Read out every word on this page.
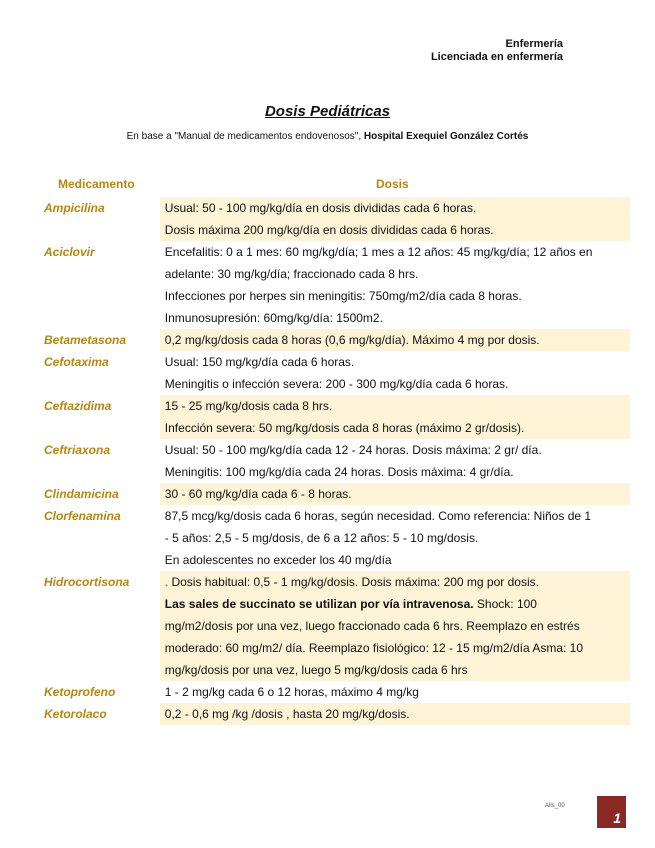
Enfermería
Licenciada en enfermería
Dosis Pediátricas
En base a "Manual de medicamentos endovenosos", Hospital Exequiel González Cortés
Medicamento	Dosis
Ampicilina	Usual: 50 - 100 mg/kg/día en dosis divididas cada 6 horas.
Dosis máxima 200 mg/kg/día en dosis divididas cada 6 horas.
Aciclovir	Encefalitis: 0 a 1 mes: 60 mg/kg/día; 1 mes a 12 años: 45 mg/kg/día; 12 años en
adelante: 30 mg/kg/día; fraccionado cada 8 hrs.
Infecciones por herpes sin meningitis: 750mg/m2/día cada 8 horas.
Inmunosupresión: 60mg/kg/día: 1500m2.
Betametasona	0,2 mg/kg/dosis cada 8 horas (0,6 mg/kg/día). Máximo 4 mg por dosis.
Cefotaxima	Usual: 150 mg/kg/día cada 6 horas.
Meningitis o infección severa: 200 - 300 mg/kg/día cada 6 horas.
Ceftazidima	15 - 25 mg/kg/dosis cada 8 hrs.
Infección severa: 50 mg/kg/dosis cada 8 horas (máximo 2 gr/dosis).
Ceftriaxona	Usual: 50 - 100 mg/kg/día cada 12 - 24 horas. Dosis máxima: 2 gr/ día.
Meningitis: 100 mg/kg/día cada 24 horas. Dosis máxima: 4 gr/día.
Clindamicina	30 - 60 mg/kg/día cada 6 - 8 horas.
Clorfenamina	87,5 mcg/kg/dosis cada 6 horas, según necesidad. Como referencia: Niños de 1
- 5 años: 2,5 - 5 mg/dosis, de 6 a 12 años: 5 - 10 mg/dosis.
En adolescentes no exceder los 40 mg/día
Hidrocortisona	. Dosis habitual: 0,5 - 1 mg/kg/dosis. Dosis máxima: 200 mg por dosis.
Las sales de succinato se utilizan por vía intravenosa. Shock: 100
mg/m2/dosis por una vez, luego fraccionado cada 6 hrs. Reemplazo en estrés
moderado: 60 mg/m2/ día. Reemplazo fisiológico: 12 - 15 mg/m2/día Asma: 10
mg/kg/dosis por una vez, luego 5 mg/kg/dosis cada 6 hrs
Ketoprofeno	1 - 2 mg/kg cada 6 o 12 horas, máximo 4 mg/kg
Ketorolaco	0,2 - 0,6 mg /kg /dosis , hasta 20 mg/kg/dosis.
Alls_00
1
